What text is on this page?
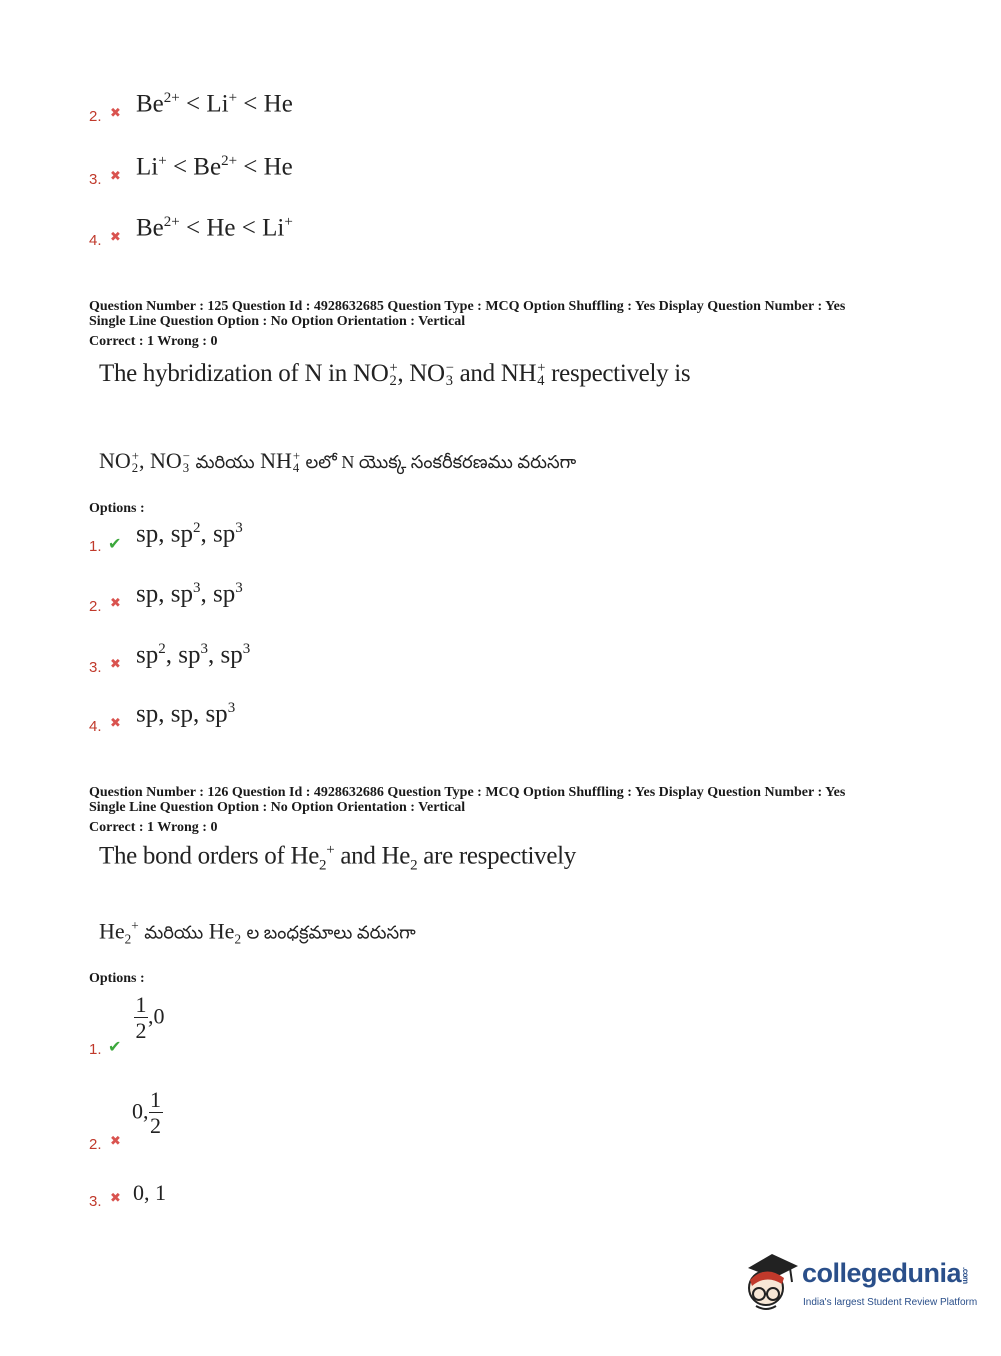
2. ✖ $Be^{2+} < Li^+ < He$
3. ✖ $Li^+ < Be^{2+} < He$
4. ✖ $Be^{2+} < He < Li^+$
Question Number : 125 Question Id : 4928632685 Question Type : MCQ Option Shuffling : Yes Display Question Number : Yes
Single Line Question Option : No Option Orientation : Vertical
Correct : 1 Wrong : 0
The hybridization of N in NO +
2 , NO −
3 and NH +
4 respectively is
NO +
2 , NO −
3 మరియు NH +
4 లలో N యొక్క సంకరీకరణము వరుసగా
Options :
1. ✔ sp, $sp^2$, $sp^3$
2. ✖ sp, $sp^3$, $sp^3$
3. ✖ $sp^2$, $sp^3$, $sp^3$
4. ✖ sp, sp, $sp^3$
Question Number : 126 Question Id : 4928632686 Question Type : MCQ Option Shuffling : Yes Display Question Number : Yes
Single Line Question Option : No Option Orientation : Vertical
Correct : 1 Wrong : 0
The bond orders of $He_2^+$ and $He_2$ are respectively
$He_2^+$ మరియు $He_2$ ల బంధక్రమాలు వరుసగా
Options :
1. ✔
$\frac{1}{2} ,0$
2. ✖
0, $\frac{1}{2}$
3. ✖ 0, 1
collegedunia.com
India's largest Student Review Platform
